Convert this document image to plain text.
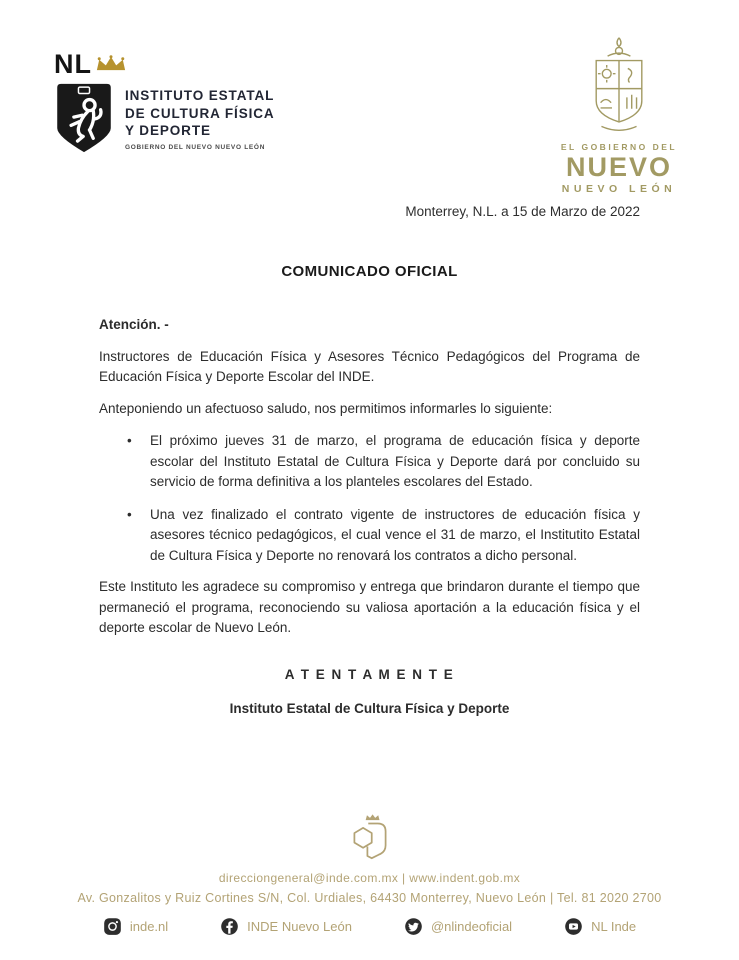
NL
INSTITUTO ESTATAL
DE CULTURA FÍSICA
Y DEPORTE
GOBIERNO DEL NUEVO NUEVO LEÓN	EL GOBIERNO DEL
NUEVO
NUEVO LEÓN
Monterrey, N.L. a 15 de Marzo de 2022
COMUNICADO OFICIAL

Atención. -

Instructores de Educación Física y Asesores Técnico Pedagógicos del Programa de Educación Física y Deporte Escolar del INDE.

Anteponiendo un afectuoso saludo, nos permitimos informarles lo siguiente:

• El próximo jueves 31 de marzo, el programa de educación física y deporte escolar del Instituto Estatal de Cultura Física y Deporte dará por concluido su servicio de forma definitiva a los planteles escolares del Estado.
• Una vez finalizado el contrato vigente de instructores de educación física y asesores técnico pedagógicos, el cual vence el 31 de marzo, el Institutito Estatal de Cultura Física y Deporte no renovará los contratos a dicho personal.

Este Instituto les agradece su compromiso y entrega que brindaron durante el tiempo que permaneció el programa, reconociendo su valiosa aportación a la educación física y el deporte escolar de Nuevo León.

A T E N T A M E N T E

Instituto Estatal de Cultura Física y Deporte

direcciongeneral@inde.com.mx | www.indent.gob.mx
Av. Gonzalitos y Ruiz Cortines S/N, Col. Urdiales, 64430 Monterrey, Nuevo León | Tel. 81 2020 2700
inde.nl	INDE Nuevo León	@nlindeoficial	NL Inde
